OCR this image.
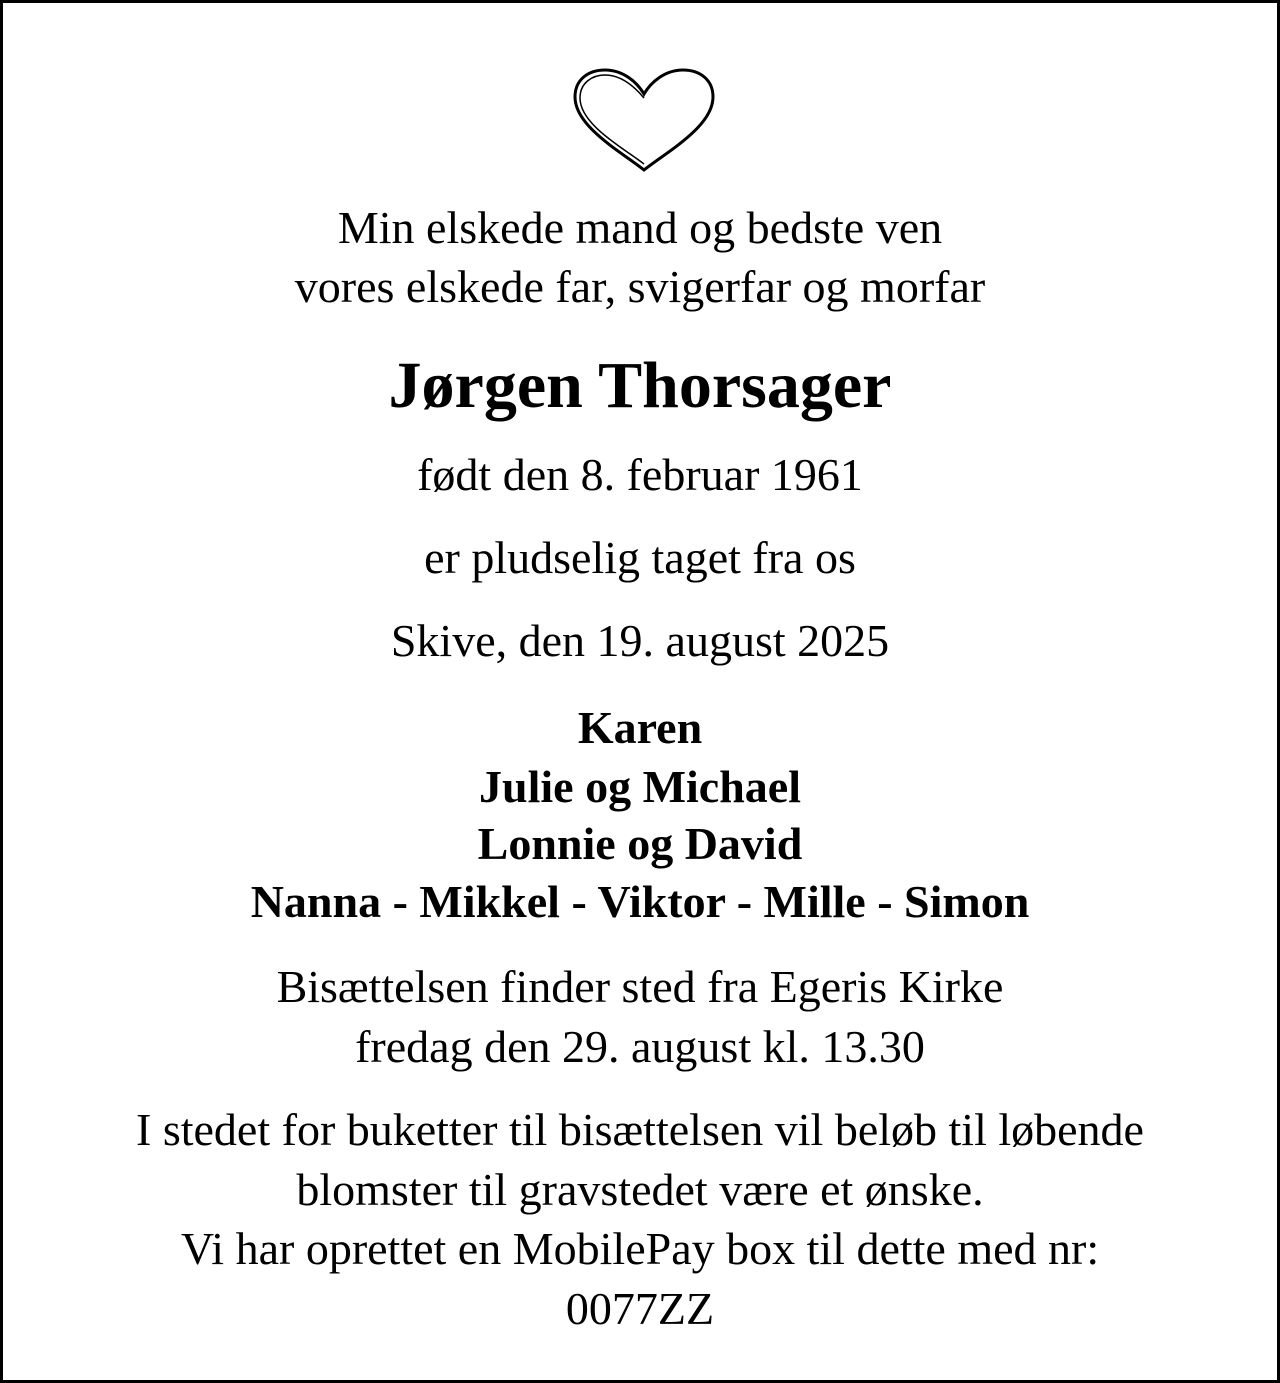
Min elskede mand og bedste ven
vores elskede far, svigerfar og morfar
Jørgen Thorsager
født den 8. februar 1961
er pludselig taget fra os
Skive, den 19. august 2025
Karen
Julie og Michael
Lonnie og David
Nanna - Mikkel - Viktor - Mille - Simon
Bisættelsen finder sted fra Egeris Kirke
fredag den 29. august kl. 13.30
I stedet for buketter til bisættelsen vil beløb til løbende
blomster til gravstedet være et ønske.
Vi har oprettet en MobilePay box til dette med nr:
0077ZZ
